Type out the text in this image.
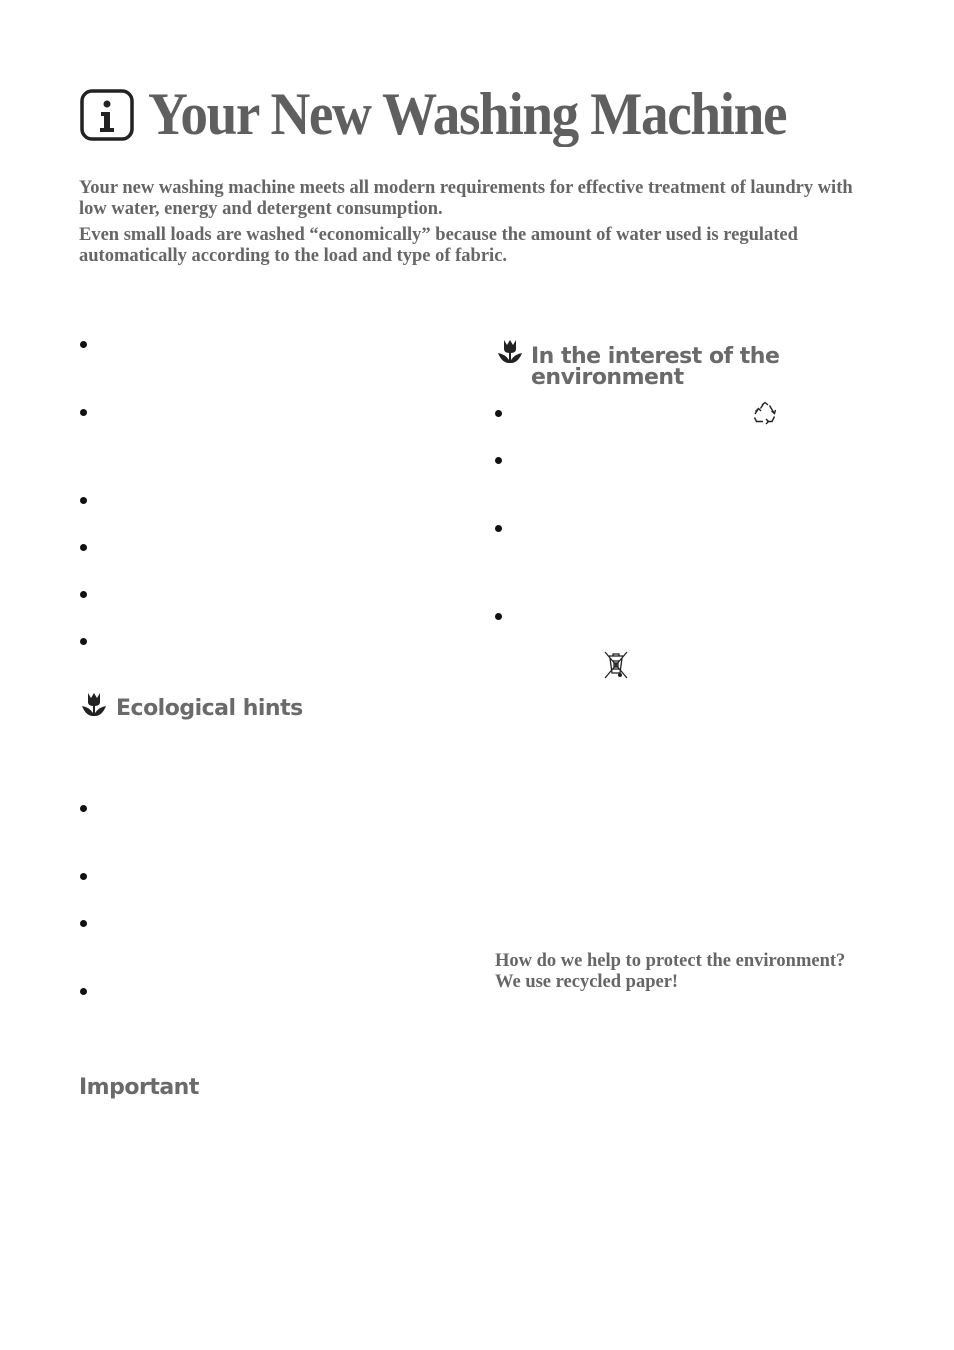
Your New Washing Machine

Your new washing machine meets all modern requirements for effective treatment of laundry with low water, energy and detergent consumption.

Even small loads are washed “economically” because the amount of water used is regulated automatically according to the load and type of fabric.

Ecological hints
Important
In the interest of the environment

How do we help to protect the environment?

We use recycled paper!
